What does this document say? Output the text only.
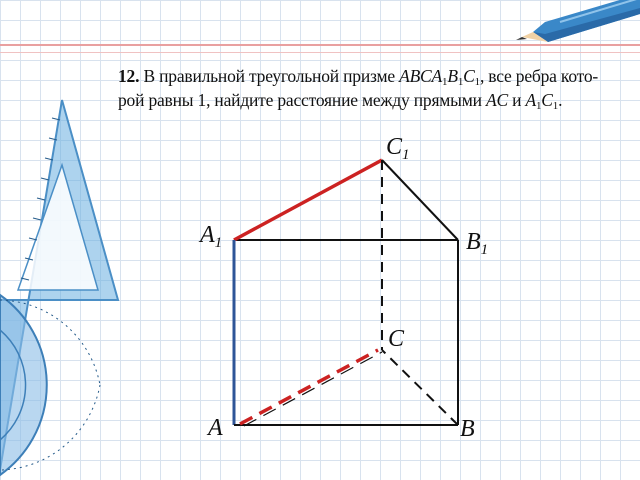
12. В правильной треугольной призме $ABCA_1B_1C_1$, все ребра кото-
рой равны 1, найдите расстояние между прямыми AC и $A_1C_1$.
$C_1$
$A_1$	$B_1$
C
A	B
